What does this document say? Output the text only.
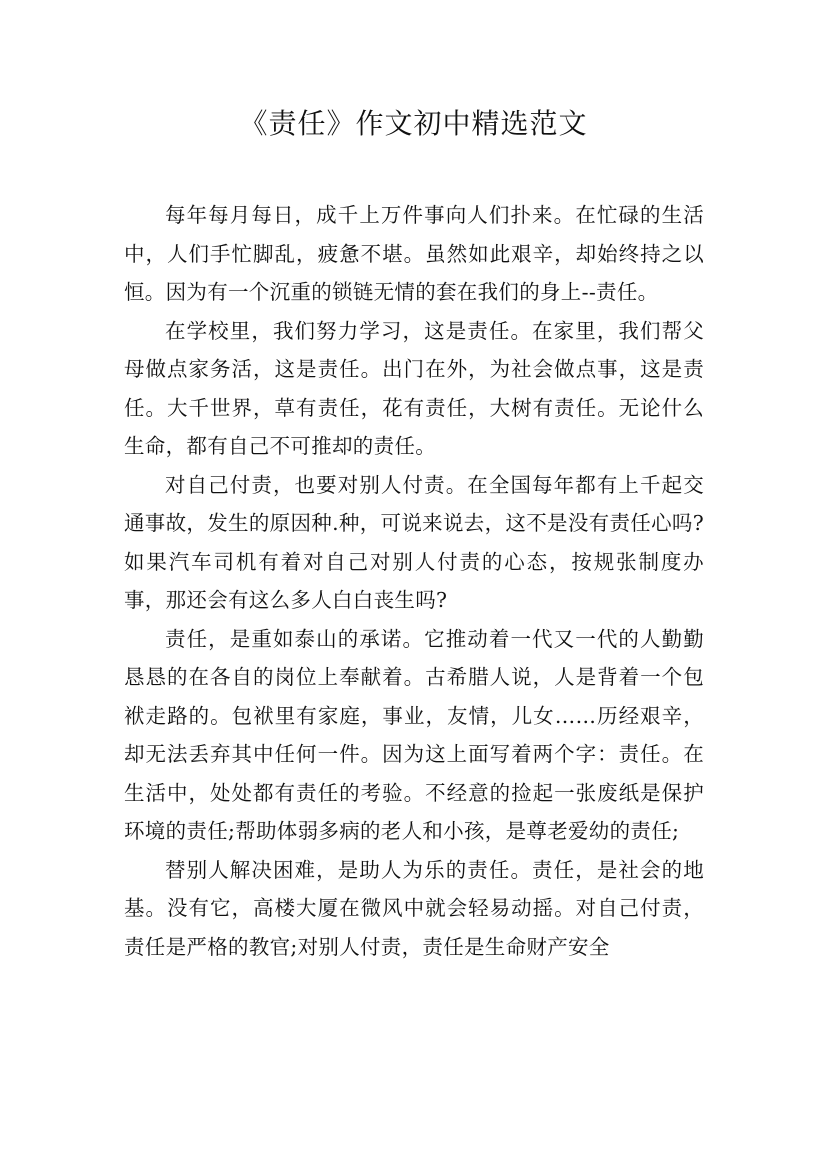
《责任》作文初中精选范文

每年每月每日，成千上万件事向人们扑来。在忙碌的生活中，人们手忙脚乱，疲惫不堪。虽然如此艰辛，却始终持之以恒。因为有一个沉重的锁链无情的套在我们的身上--责任。

在学校里，我们努力学习，这是责任。在家里，我们帮父母做点家务活，这是责任。出门在外，为社会做点事，这是责任。大千世界，草有责任，花有责任，大树有责任。无论什么生命，都有自己不可推却的责任。

对自己付责，也要对别人付责。在全国每年都有上千起交通事故，发生的原因种.种，可说来说去，这不是没有责任心吗?如果汽车司机有着对自己对别人付责的心态，按规张制度办事，那还会有这么多人白白丧生吗?

责任，是重如泰山的承诺。它推动着一代又一代的人勤勤恳恳的在各自的岗位上奉献着。古希腊人说，人是背着一个包袱走路的。包袱里有家庭，事业，友情，儿女……历经艰辛，却无法丢弃其中任何一件。因为这上面写着两个字：责任。在生活中，处处都有责任的考验。不经意的捡起一张废纸是保护环境的责任;帮助体弱多病的老人和小孩，是尊老爱幼的责任;

替别人解决困难，是助人为乐的责任。责任，是社会的地基。没有它，高楼大厦在微风中就会轻易动摇。对自己付责，责任是严格的教官;对别人付责，责任是生命财产安全
